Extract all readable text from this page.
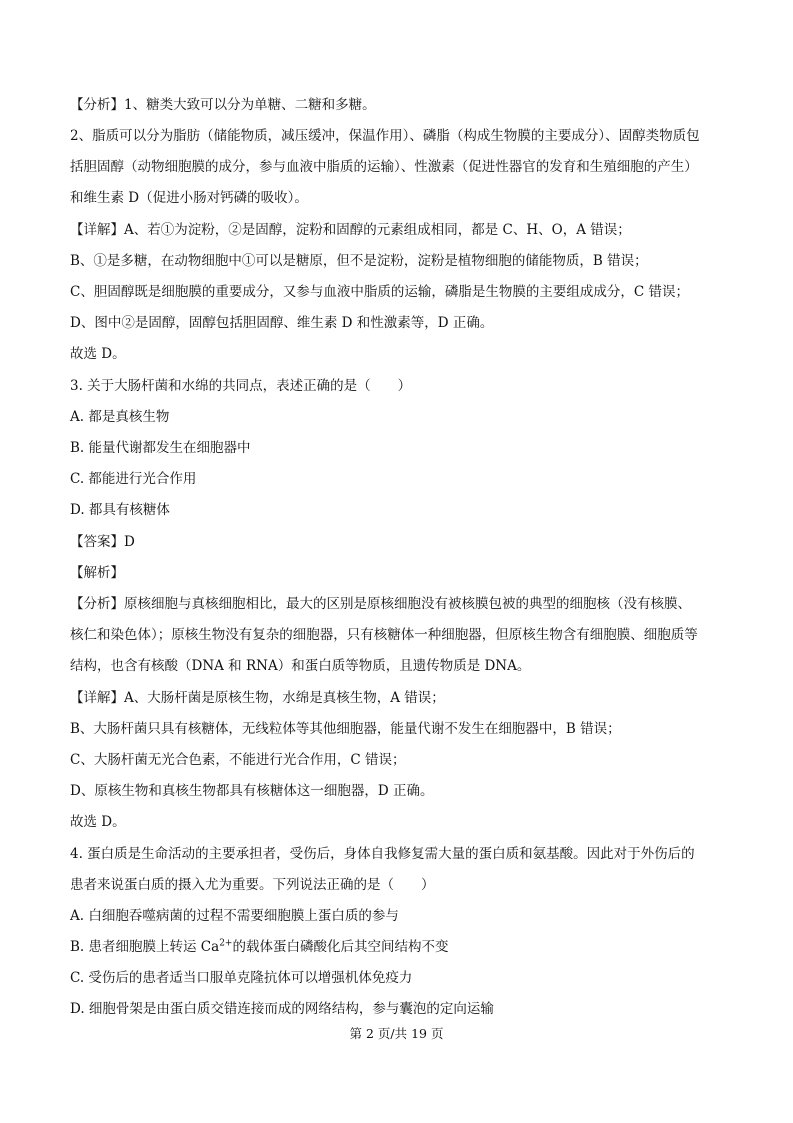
【分析】1、糖类大致可以分为单糖、二糖和多糖。
2、脂质可以分为脂肪（储能物质，减压缓冲，保温作用）、磷脂（构成生物膜的主要成分）、固醇类物质包
括胆固醇（动物细胞膜的成分，参与血液中脂质的运输）、性激素（促进性器官的发育和生殖细胞的产生）
和维生素 D（促进小肠对钙磷的吸收）。
【详解】A、若①为淀粉，②是固醇，淀粉和固醇的元素组成相同，都是 C、H、O，A 错误；
B、①是多糖，在动物细胞中①可以是糖原，但不是淀粉，淀粉是植物细胞的储能物质，B 错误；
C、胆固醇既是细胞膜的重要成分，又参与血液中脂质的运输，磷脂是生物膜的主要组成成分，C 错误；
D、图中②是固醇，固醇包括胆固醇、维生素 D 和性激素等，D 正确。
故选 D。
3. 关于大肠杆菌和水绵的共同点，表述正确的是（　　）
A. 都是真核生物
B. 能量代谢都发生在细胞器中
C. 都能进行光合作用
D. 都具有核糖体
【答案】D
【解析】
【分析】原核细胞与真核细胞相比，最大的区别是原核细胞没有被核膜包被的典型的细胞核（没有核膜、
核仁和染色体）；原核生物没有复杂的细胞器，只有核糖体一种细胞器，但原核生物含有细胞膜、细胞质等
结构，也含有核酸（DNA 和 RNA）和蛋白质等物质，且遗传物质是 DNA。
【详解】A、大肠杆菌是原核生物，水绵是真核生物，A 错误；
B、大肠杆菌只具有核糖体，无线粒体等其他细胞器，能量代谢不发生在细胞器中，B 错误；
C、大肠杆菌无光合色素，不能进行光合作用，C 错误；
D、原核生物和真核生物都具有核糖体这一细胞器，D 正确。
故选 D。
4. 蛋白质是生命活动的主要承担者，受伤后，身体自我修复需大量的蛋白质和氨基酸。因此对于外伤后的
患者来说蛋白质的摄入尤为重要。下列说法正确的是（　　）
A. 白细胞吞噬病菌的过程不需要细胞膜上蛋白质的参与
B. 患者细胞膜上转运 $Ca^{2+}$的载体蛋白磷酸化后其空间结构不变
C. 受伤后的患者适当口服单克隆抗体可以增强机体免疫力
D. 细胞骨架是由蛋白质交错连接而成的网络结构，参与囊泡的定向运输
第 2 页/共 19 页
